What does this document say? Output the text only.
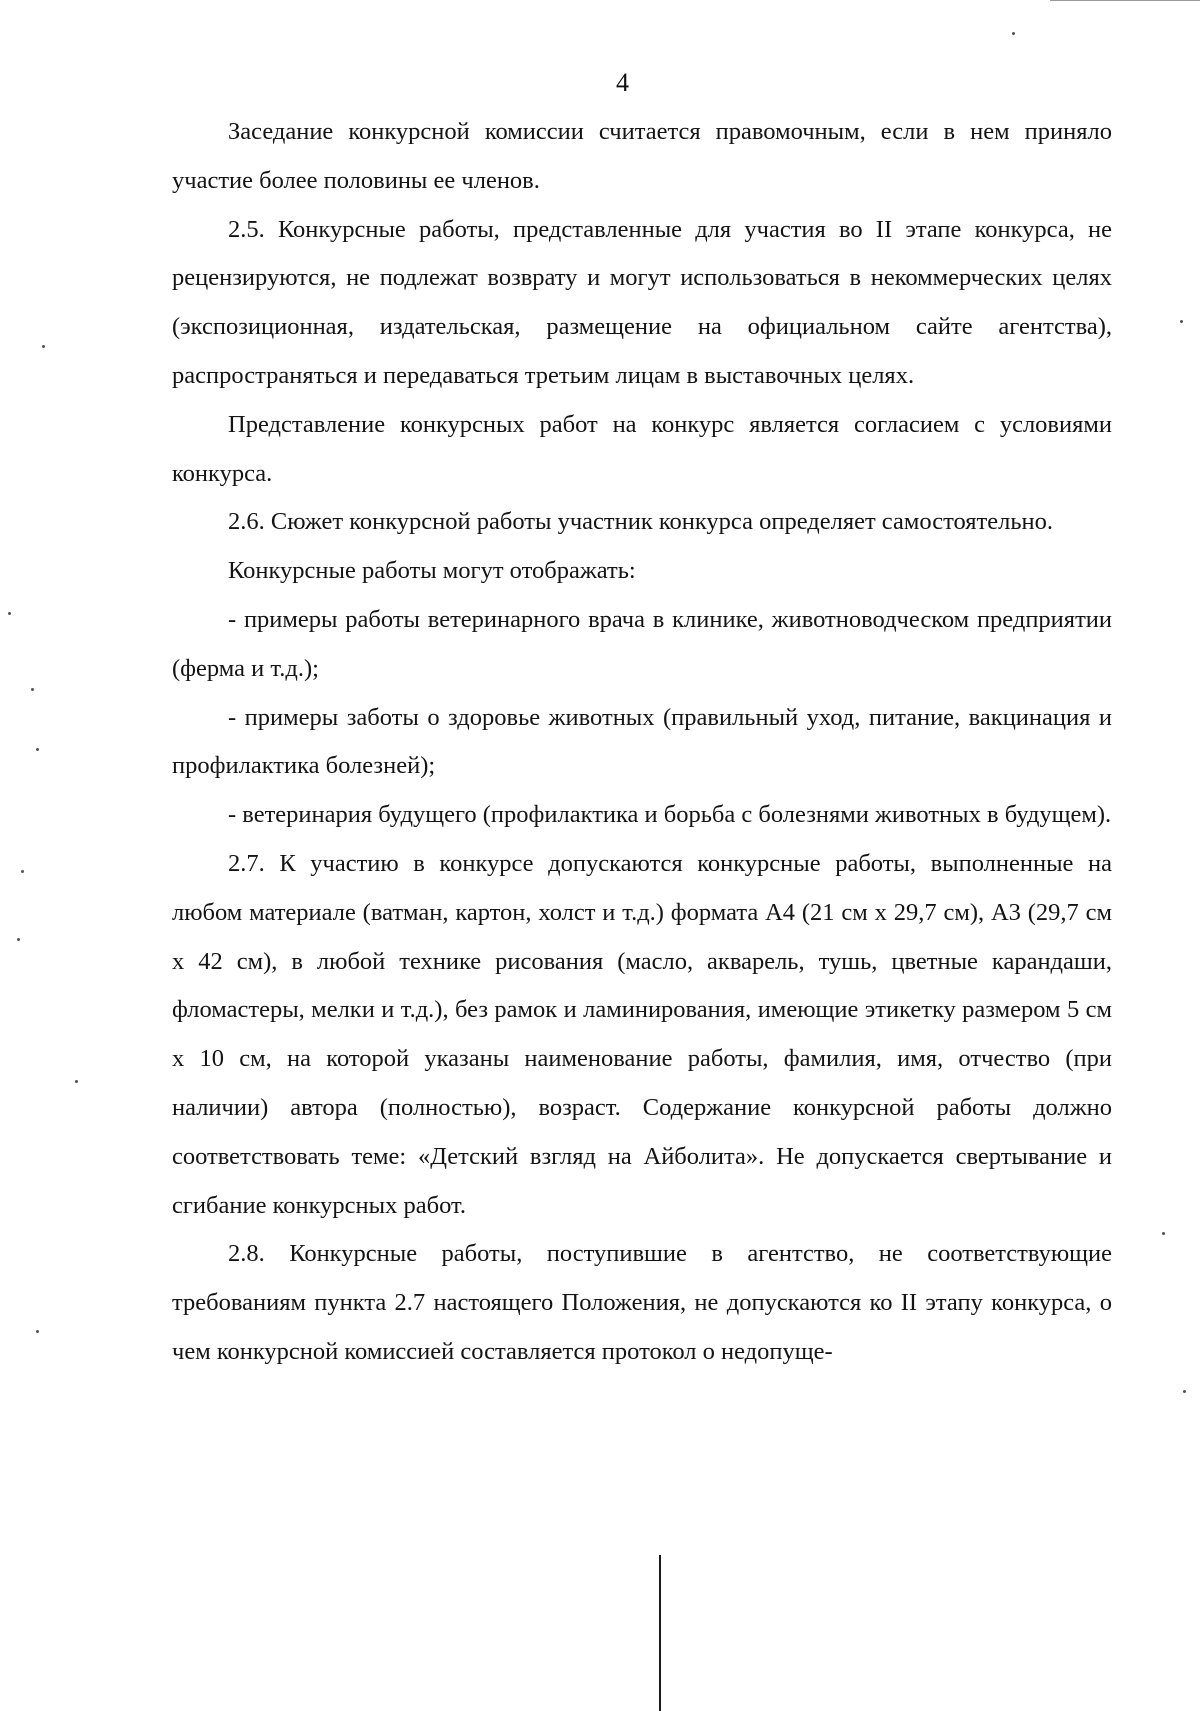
4

Заседание конкурсной комиссии считается правомочным, если в нем приняло участие более половины ее членов.

2.5. Конкурсные работы, представленные для участия во II этапе конкурса, не рецензируются, не подлежат возврату и могут использоваться в некоммерческих целях (экспозиционная, издательская, размещение на официальном сайте агентства), распространяться и передаваться третьим лицам в выставочных целях.

Представление конкурсных работ на конкурс является согласием с условиями конкурса.

2.6. Сюжет конкурсной работы участник конкурса определяет самостоятельно.

Конкурсные работы могут отображать:

- примеры работы ветеринарного врача в клинике, животноводческом предприятии (ферма и т.д.);

- примеры заботы о здоровье животных (правильный уход, питание, вакцинация и профилактика болезней);

- ветеринария будущего (профилактика и борьба с болезнями животных в будущем).

2.7. К участию в конкурсе допускаются конкурсные работы, выполненные на любом материале (ватман, картон, холст и т.д.) формата А4 (21 см х 29,7 см), А3 (29,7 см х 42 см), в любой технике рисования (масло, акварель, тушь, цветные карандаши, фломастеры, мелки и т.д.), без рамок и ламинирования, имеющие этикетку размером 5 см х 10 см, на которой указаны наименование работы, фамилия, имя, отчество (при наличии) автора (полностью), возраст. Содержание конкурсной работы должно соответствовать теме: «Детский взгляд на Айболита». Не допускается свертывание и сгибание конкурсных работ.

2.8. Конкурсные работы, поступившие в агентство, не соответствующие требованиям пункта 2.7 настоящего Положения, не допускаются ко II этапу конкурса, о чем конкурсной комиссией составляется протокол о недопуще-
